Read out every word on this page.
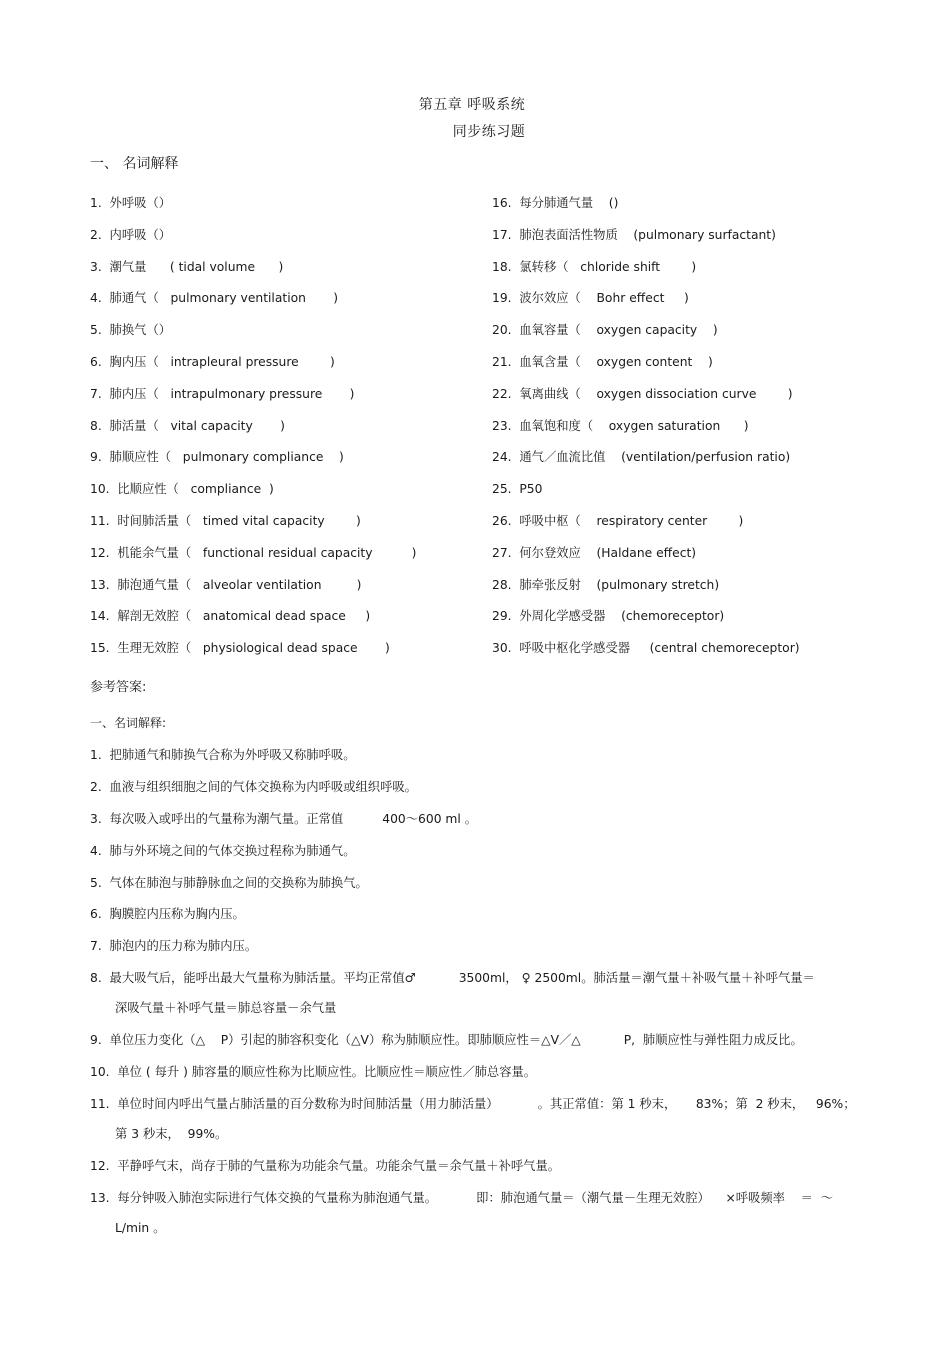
第五章 呼吸系统
同步练习题
一、 名词解释
1.  外呼吸（）
2.  内呼吸（）
3.  潮气量      ( tidal volume      )
4.  肺通气（   pulmonary ventilation       )
5.  肺换气（）
6.  胸内压（   intrapleural pressure        )
7.  肺内压（   intrapulmonary pressure       )
8.  肺活量（   vital capacity       )
9.  肺顺应性（   pulmonary compliance    )
10.  比顺应性（   compliance  )
11.  时间肺活量（   timed vital capacity        )
12.  机能余气量（   functional residual capacity          )
13.  肺泡通气量（   alveolar ventilation         )
14.  解剖无效腔（   anatomical dead space     )
15.  生理无效腔（   physiological dead space       )
16.  每分肺通气量    ()
17.  肺泡表面活性物质    (pulmonary surfactant)
18.  氯转移（   chloride shift        )
19.  波尔效应（    Bohr effect     )
20.  血氧容量（    oxygen capacity    )
21.  血氧含量（    oxygen content    )
22.  氧离曲线（    oxygen dissociation curve        )
23.  血氧饱和度（    oxygen saturation      )
24.  通气／血流比值    (ventilation/perfusion ratio)
25.  P50
26.  呼吸中枢（    respiratory center        )
27.  何尔登效应    (Haldane effect)
28.  肺牵张反射    (pulmonary stretch)
29.  外周化学感受器    (chemoreceptor)
30.  呼吸中枢化学感受器     (central chemoreceptor)
参考答案:
一、名词解释:
1.  把肺通气和肺换气合称为外呼吸又称肺呼吸。
2.  血液与组织细胞之间的气体交换称为内呼吸或组织呼吸。
3.  每次吸入或呼出的气量称为潮气量。正常值          400～600 ml 。
4.  肺与外环境之间的气体交换过程称为肺通气。
5.  气体在肺泡与肺静脉血之间的交换称为肺换气。
6.  胸膜腔内压称为胸内压。
7.  肺泡内的压力称为肺内压。
8.  最大吸气后，能呼出最大气量称为肺活量。平均正常值♂           3500ml， ♀ 2500ml。肺活量＝潮气量＋补吸气量＋补呼气量＝
深吸气量＋补呼气量＝肺总容量－余气量
9.  单位压力变化（△    P）引起的肺容积变化（△V）称为肺顺应性。即肺顺应性＝△V／△           P,  肺顺应性与弹性阻力成反比。
10.  单位 ( 每升 ) 肺容量的顺应性称为比顺应性。比顺应性＝顺应性／肺总容量。
11.  单位时间内呼出气量占肺活量的百分数称为时间肺活量（用力肺活量）          。其正常值：第 1 秒末，     83%；第  2 秒末，   96%；
第 3 秒末，  99%。
12.  平静呼气末，尚存于肺的气量称为功能余气量。功能余气量＝余气量＋补呼气量。
13.  每分钟吸入肺泡实际进行气体交换的气量称为肺泡通气量。          即：肺泡通气量＝（潮气量－生理无效腔）    ×呼吸频率    ＝  ～
L/min 。
